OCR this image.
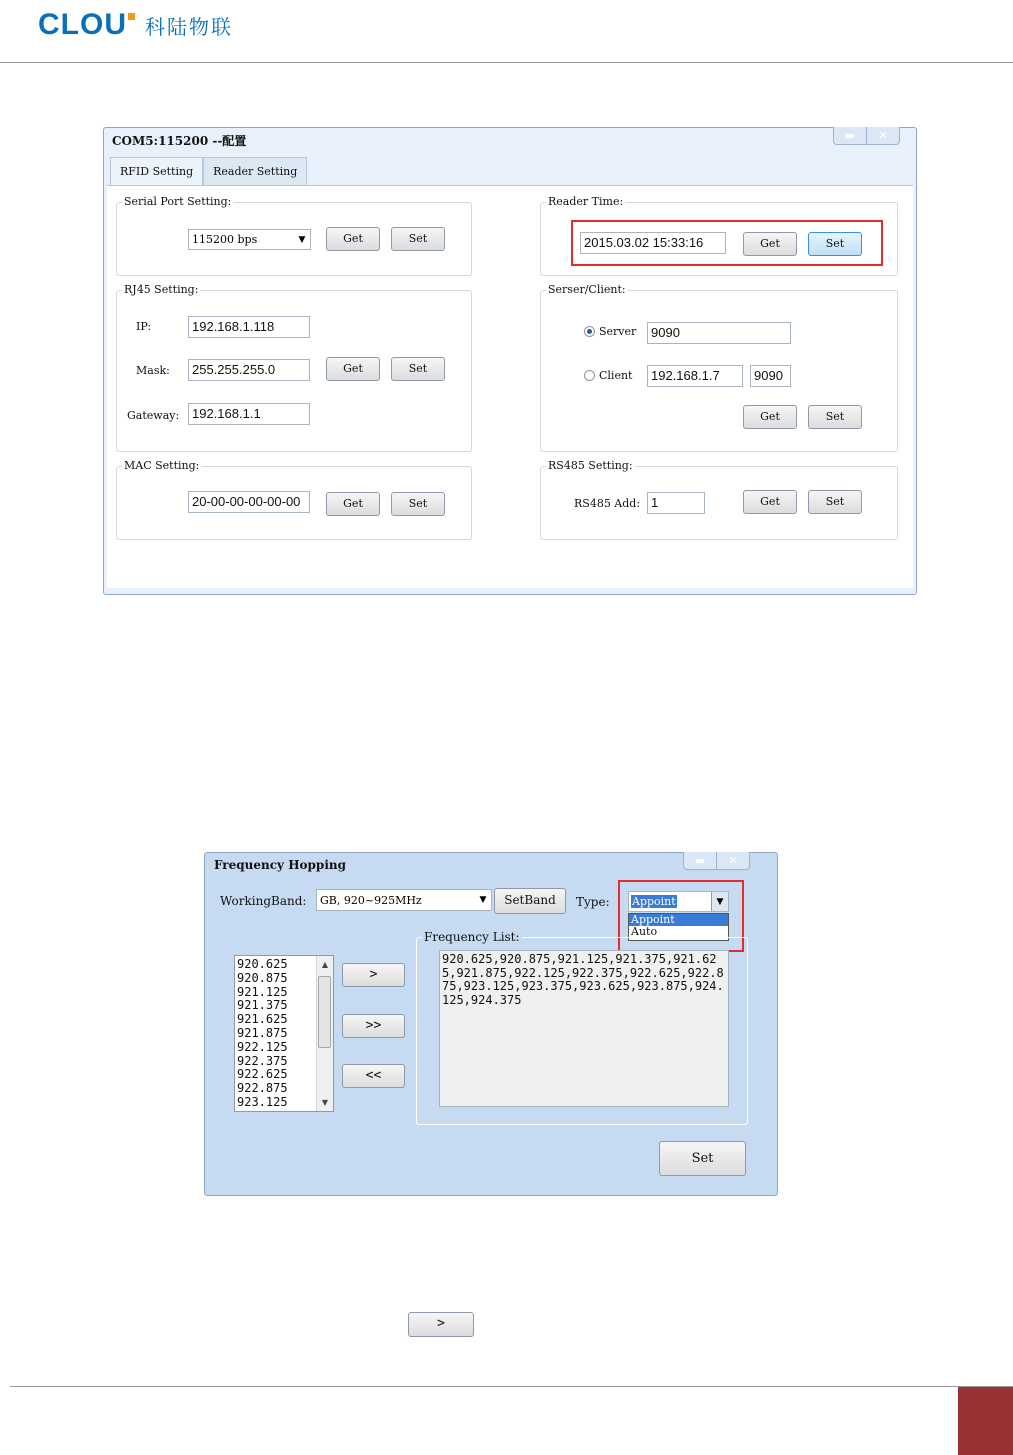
CLOU 科陆物联
COM5:115200 --配置	▬	✕
RFID Setting	Reader Setting
Serial Port Setting:
115200 bps	▼	Get	Set
Reader Time:
2015.03.02 15:33:16	Get	Set
RJ45 Setting:
IP:	192.168.1.118
Mask:	255.255.255.0	Get	Set
Gateway: 192.168.1.1
Serser/Client:
Server	9090
Client	192.168.1.7	9090
Get	Set
MAC Setting:
20-00-00-00-00-00	Get	Set
RS485 Setting:
RS485 Add: 1	Get	Set
Frequency Hopping	▬	✕
WorkingBand: GB, 920~925MHz	▼	SetBand	Type: Appoint	▼
Appoint
Auto
920.625
920.875
921.125
921.375
921.625
921.875
922.125
922.375
922.625
922.875
923.125
▲
▼
>
>>
<<
Frequency List:
920.625,920.875,921.125,921.375,921.625,921.875,922.125,922.375,922.625,922.875,923.125,923.375,923.625,923.875,924.125,924.375
Set
>
